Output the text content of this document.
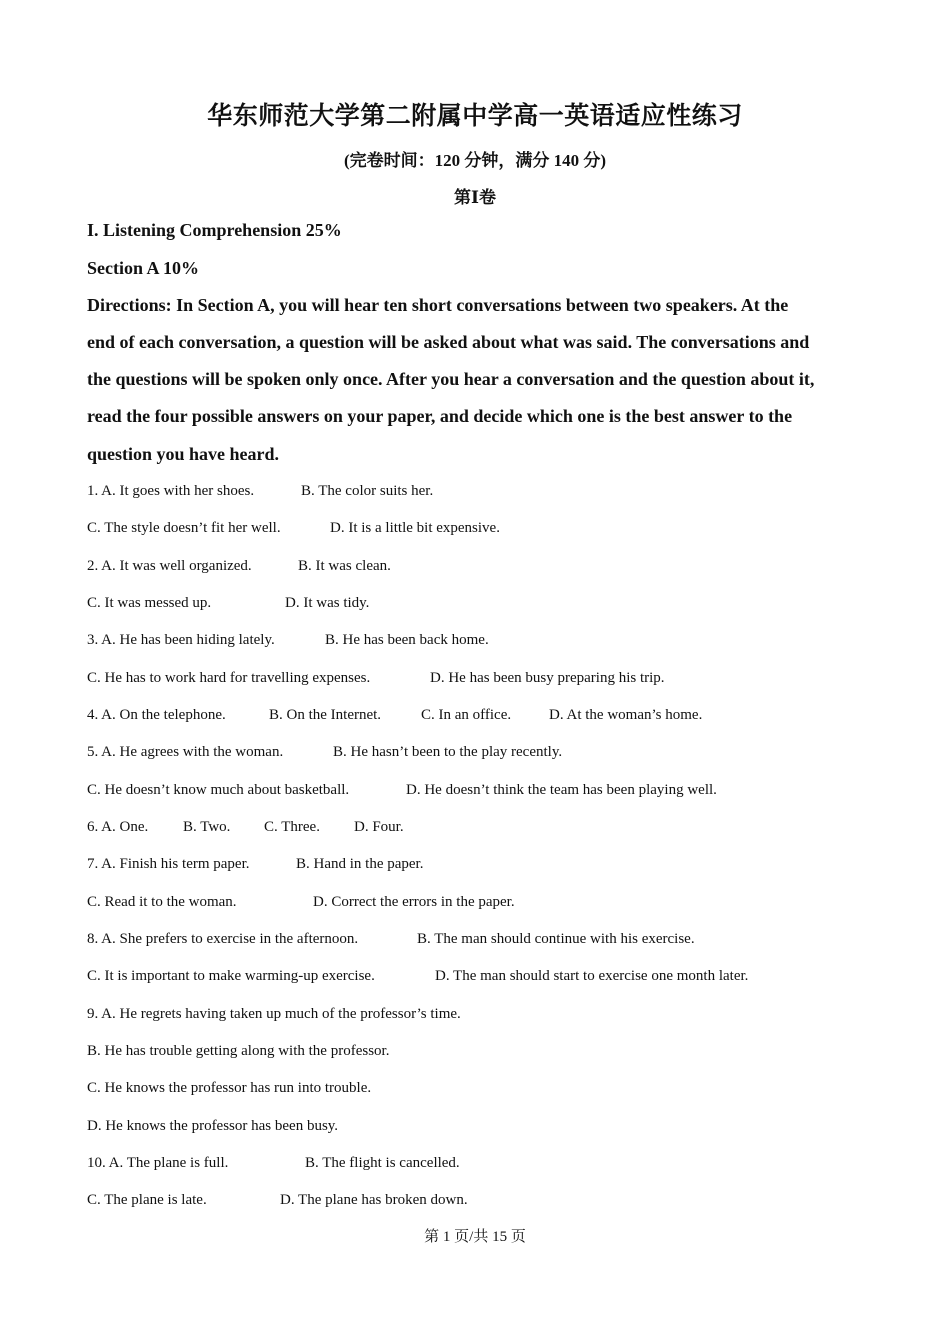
华东师范大学第二附属中学高一英语适应性练习
(完卷时间：120 分钟，满分 140 分)
第Ⅰ卷
I. Listening Comprehension 25%
Section A 10%
Directions: In Section A, you will hear ten short conversations between two speakers. At the
end of each conversation, a question will be asked about what was said. The conversations and
the questions will be spoken only once. After you hear a conversation and the question about it,
read the four possible answers on your paper, and decide which one is the best answer to the
question you have heard.
1. A. It goes with her shoes.	B. The color suits her.
C. The style doesn’t fit her well.	D. It is a little bit expensive.
2. A. It was well organized.	B. It was clean.
C. It was messed up.	D. It was tidy.
3. A. He has been hiding lately.	B. He has been back home.
C. He has to work hard for travelling expenses.	D. He has been busy preparing his trip.
4. A. On the telephone.	B. On the Internet.	C. In an office.	D. At the woman’s home.
5. A. He agrees with the woman.	B. He hasn’t been to the play recently.
C. He doesn’t know much about basketball.	D. He doesn’t think the team has been playing well.
6. A. One. B. Two. C. Three. D. Four.
7. A. Finish his term paper.	B. Hand in the paper.
C. Read it to the woman.	D. Correct the errors in the paper.
8. A. She prefers to exercise in the afternoon.	B. The man should continue with his exercise.
C. It is important to make warming-up exercise.	D. The man should start to exercise one month later.
9. A. He regrets having taken up much of the professor’s time.
B. He has trouble getting along with the professor.
C. He knows the professor has run into trouble.
D. He knows the professor has been busy.
10. A. The plane is full.	B. The flight is cancelled.
C. The plane is late.	D. The plane has broken down.
第 1 页/共 15 页
